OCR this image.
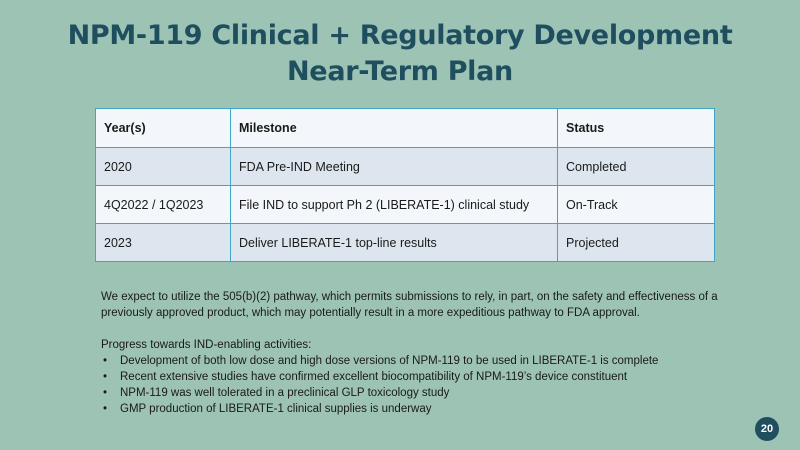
NPM-119 Clinical + Regulatory Development
Near-Term Plan
Year(s)	Milestone	Status
2020	FDA Pre-IND Meeting	Completed
4Q2022 / 1Q2023	File IND to support Ph 2 (LIBERATE-1) clinical study	On-Track
2023	Deliver LIBERATE-1 top-line results	Projected

We expect to utilize the 505(b)(2) pathway, which permits submissions to rely, in part, on the safety and effectiveness of a previously approved product, which may potentially result in a more expeditious pathway to FDA approval.

Progress towards IND-enabling activities:

• Development of both low dose and high dose versions of NPM-119 to be used in LIBERATE-1 is complete
• Recent extensive studies have confirmed excellent biocompatibility of NPM-119’s device constituent
• NPM-119 was well tolerated in a preclinical GLP toxicology study
• GMP production of LIBERATE-1 clinical supplies is underway
20
